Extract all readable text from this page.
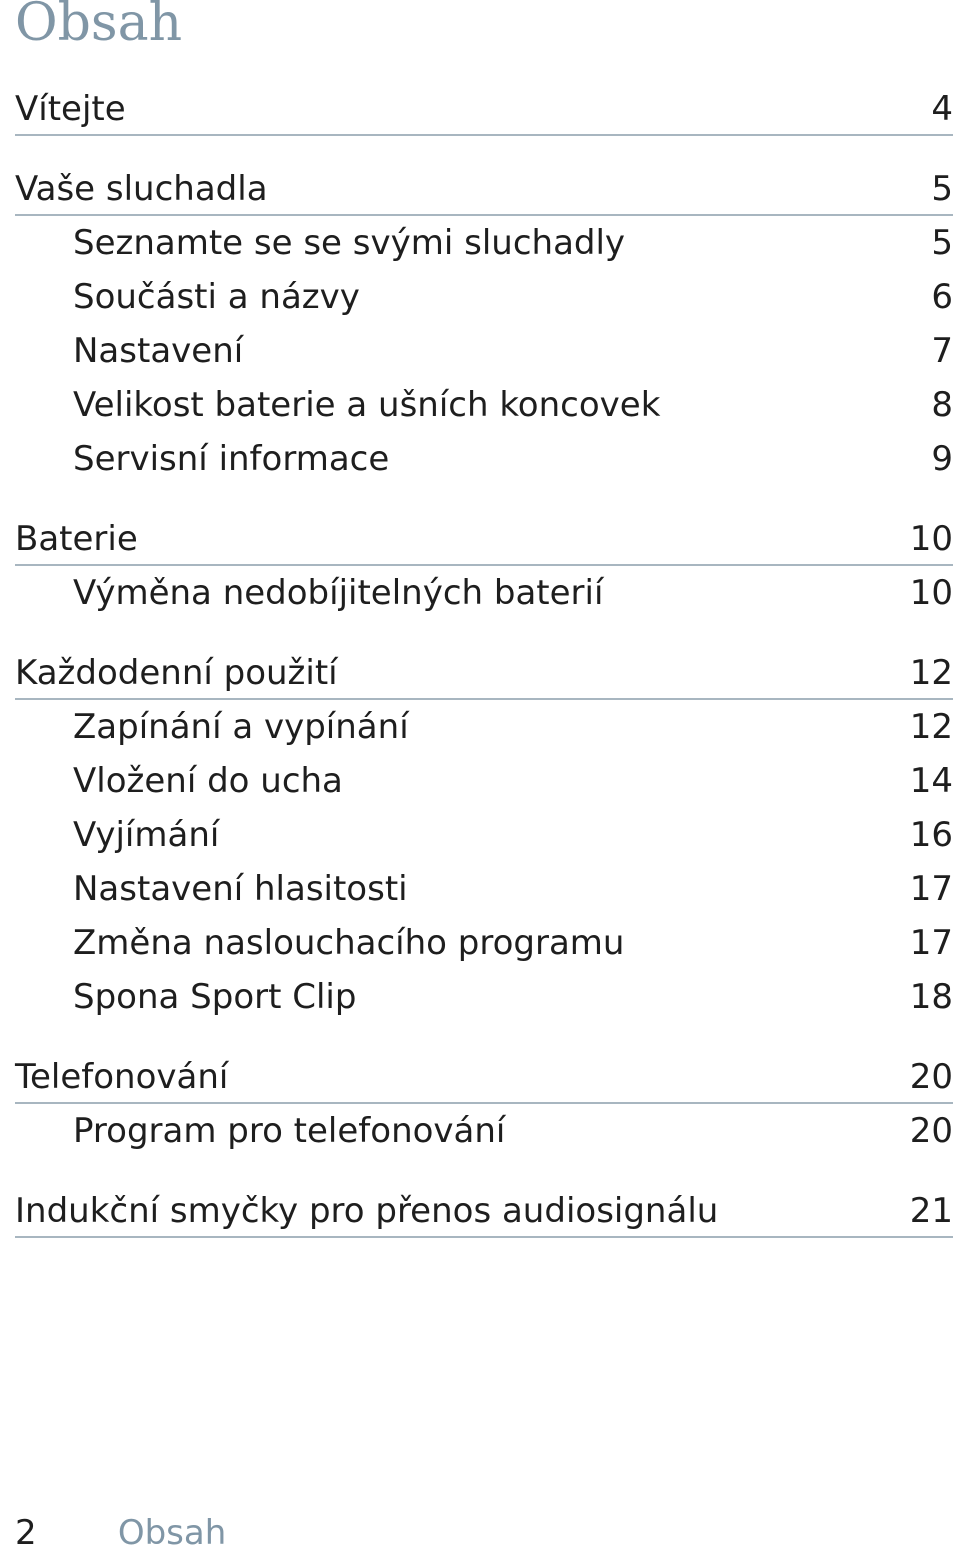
Obsah
Vítejte	4
Vaše sluchadla	5
Seznamte se se svými sluchadly	5
Součásti a názvy	6
Nastavení	7
Velikost baterie a ušních koncovek	8
Servisní informace	9
Baterie	10
Výměna nedobíjitelných baterií	10
Každodenní použití	12
Zapínání a vypínání	12
Vložení do ucha	14
Vyjímání	16
Nastavení hlasitosti	17
Změna naslouchacího programu	17
Spona Sport Clip	18
Telefonování	20
Program pro telefonování	20
Indukční smyčky pro přenos audiosignálu	21
2 Obsah
